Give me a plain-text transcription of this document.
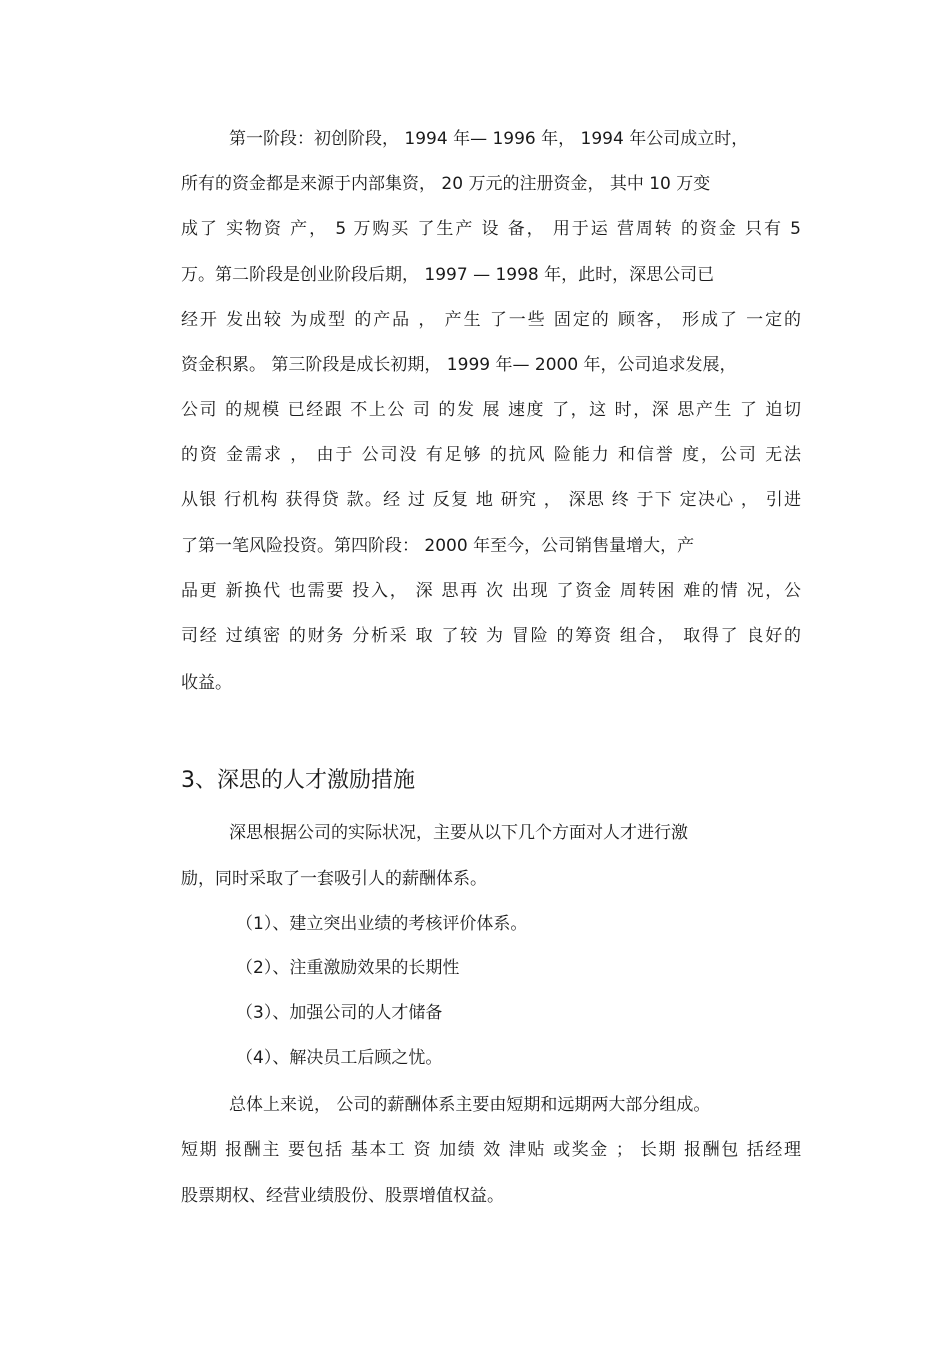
第一阶段：初创阶段， 1994 年— 1996 年， 1994 年公司成立时，
所有的资金都是来源于内部集资， 20 万元的注册资金， 其中 10 万变
成了 实物资 产， 5 万购买 了生产 设 备， 用于运 营周转 的资金 只有 5
万。第二阶段是创业阶段后期， 1997 — 1998 年，此时，深思公司已
经开 发出较 为成型 的产品 ， 产生 了一些 固定的 顾客， 形成了 一定的
资金积累。 第三阶段是成长初期， 1999 年— 2000 年，公司追求发展，
公司 的规模 已经跟 不上公 司 的发 展 速度 了，这 时，深 思产生 了 迫切
的资 金需求 ， 由于 公司没 有足够 的抗风 险能力 和信誉 度，公司 无法
从银 行机构 获得贷 款。经 过 反复 地 研究 ， 深思 终 于下 定决心 ， 引进
了第一笔风险投资。第四阶段： 2000 年至今，公司销售量增大，产
品更 新换代 也需要 投入， 深 思再 次 出现 了资金 周转困 难的情 况，公
司经 过缜密 的财务 分析采 取 了较 为 冒险 的筹资 组合， 取得了 良好的
收益。
3、深思的人才激励措施
深思根据公司的实际状况，主要从以下几个方面对人才进行激
励，同时采取了一套吸引人的薪酬体系。
（1）、建立突出业绩的考核评价体系。
（2）、注重激励效果的长期性
（3）、加强公司的人才储备
（4）、解决员工后顾之忧。
总体上来说， 公司的薪酬体系主要由短期和远期两大部分组成。
短期 报酬主 要包括 基本工 资 加绩 效 津贴 或奖金 ； 长期 报酬包 括经理
股票期权、经营业绩股份、股票增值权益。
